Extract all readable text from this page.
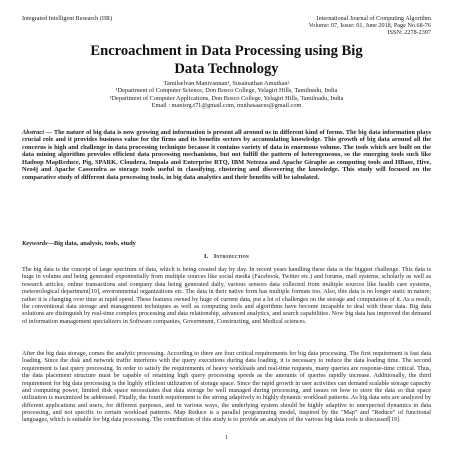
Integrated Intelligent Research (IIR)	International Journal of Computing Algorithm
Volume: 07, Issue: 01, June 2018, Page No.68-76
ISSN: 2278-2397
Encroachment in Data Processing using Big
Data Technology
Tamilselvan Manivannan¹, Susainathan Amuthan²
¹Department of Computer Science, Don Bosco College, Yelagiri Hills, Tamilnadu, India
²Department of Computer Applications, Don Bosco College, Yelagiri Hills, Tamilnadu, India
Email : manisrg.t71@gmail.com, muthasaaces@gmail.com
Abstract — The nature of big data is now growing and information is present all around us in different kind of forms. The big data information plays crucial role and it provides business value for the firms and its benefits sectors by accumulating knowledge. This growth of big data around all the concerns is high and challenge in data processing technique because it contains variety of data in enormous volume. The tools which are built on the data mining algorithm provides efficient data processing mechanisms, but not fulfill the pattern of heterogeneous, so the emerging tools such like Hadoop MapReduce, Pig, SPARK, Cloudera, Impala and Enterprise RTQ, IBM Netezza and Apache Giraphe as computing tools and HBase, Hive, Neo4j and Apache Cassendra as storage tools useful in classifying, clustering and discovering the knowledge. This study will focused on the comparative study of different data processing tools, in big data analytics and their benefits will be tabulated.
Keywords—Big data, analysis, tools, study
I. Introduction
The big data is the concept of large spectrum of data, which is being created day by day. In recent years handling these data is the biggest challenge. This data is huge in volume and being generated exponentially from multiple sources like social media (Facebook, Twitter etc.) and forums, mail systems, scholarly as well as research articles, online transactions and company data being generated daily, various sensors data collected from multiple sources like health care systems, meteorological department[19], environmental organizations etc. The data in their native form has multiple formats too. Also, this data is no longer static in nature; rather it is changing over time at rapid speed. These features owned by huge of current data, put a lot of challenges on the storage and computation of it. As a result, the conventional data storage and management techniques as well as computing tools and algorithms have become incapable to deal with these data. Big data solutions are distinguish by real-time complex processing and data relationship, advanced analytics, and search capabilities. Now big data has improved the demand of information management specializers in Software companies, Government, Constructing, and Medical sciences.
After the big data storage, comes the analytic processing. According to there are four critical requirements for big data processing. The first requirement is fast data loading. Since the disk and network traffic interferes with the query executions during data loading, it is necessary to reduce the data loading time. The second requirement is fast query processing. In order to satisfy the requirements of heavy workloads and real-time requests, many queries are response-time critical. Thus, the data placement structure must be capable of retaining high query processing speeds as the amounts of queries rapidly increase. Additionally, the third requirement for big data processing is the highly efficient utilization of storage space. Since the rapid growth in user activities can demand scalable storage capacity and computing power, limited disk space necessitates that data storage be well managed during processing, and issues on how to store the data so that space utilization is maximized be addressed. Finally, the fourth requirement is the strong adaptively to highly dynamic workload patterns. As big data sets are analyzed by different applications and users, for different purposes, and in various ways, the underlying system should be highly adaptive to unexpected dynamics in data processing, and not specific to certain workload patterns. Map Reduce is a parallel programming model, inspired by the "Map" and "Reduce" of functional languages, which is suitable for big data processing. The contribution of this study is to provide an analysis of the various big data tools is discussed[19].
1
